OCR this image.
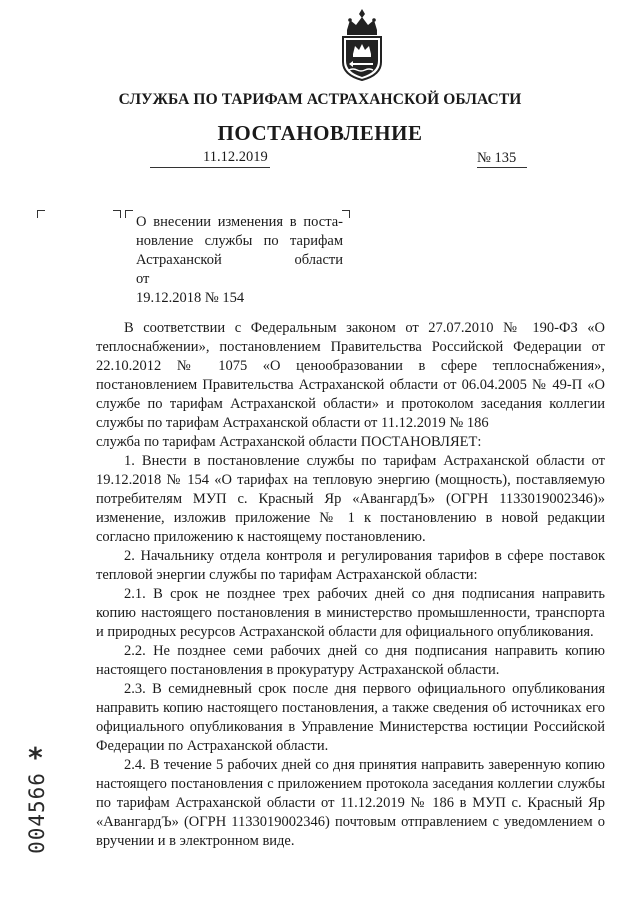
СЛУЖБА ПО ТАРИФАМ АСТРАХАНСКОЙ ОБЛАСТИ
ПОСТАНОВЛЕНИЕ
11.12.2019	№ 135
О внесении изменения в поста-
новление службы по тарифам
Астраханской области от
19.12.2018 № 154

В соответствии с Федеральным законом от 27.07.2010 № 190-ФЗ «О теплоснабжении», постановлением Правительства Российской Федерации от 22.10.2012 № 1075 «О ценообразовании в сфере теплоснабжения», постановлением Правительства Астраханской области от 06.04.2005 № 49-П «О службе по тарифам Астраханской области» и протоколом заседания коллегии службы по тарифам Астраханской области от 11.12.2019 № 186

служба по тарифам Астраханской области ПОСТАНОВЛЯЕТ:

1. Внести в постановление службы по тарифам Астраханской области от 19.12.2018 № 154 «О тарифах на тепловую энергию (мощность), поставляемую потребителям МУП с. Красный Яр «АвангардЪ» (ОГРН 1133019002346)» изменение, изложив приложение № 1 к постановлению в новой редакции согласно приложению к настоящему постановлению.

2. Начальнику отдела контроля и регулирования тарифов в сфере поставок тепловой энергии службы по тарифам Астраханской области:

2.1. В срок не позднее трех рабочих дней со дня подписания направить копию настоящего постановления в министерство промышленности, транспорта и природных ресурсов Астраханской области для официального опубликования.

2.2. Не позднее семи рабочих дней со дня подписания направить копию настоящего постановления в прокуратуру Астраханской области.

2.3. В семидневный срок после дня первого официального опубликования направить копию настоящего постановления, а также сведения об источниках его официального опубликования в Управление Министерства юстиции Российской Федерации по Астраханской области.

2.4. В течение 5 рабочих дней со дня принятия направить заверенную копию настоящего постановления с приложением протокола заседания коллегии службы по тарифам Астраханской области от 11.12.2019 № 186 в МУП с. Красный Яр «АвангардЪ» (ОГРН 1133019002346) почтовым отправлением с уведомлением о вручении и в электронном виде.

*
004566
